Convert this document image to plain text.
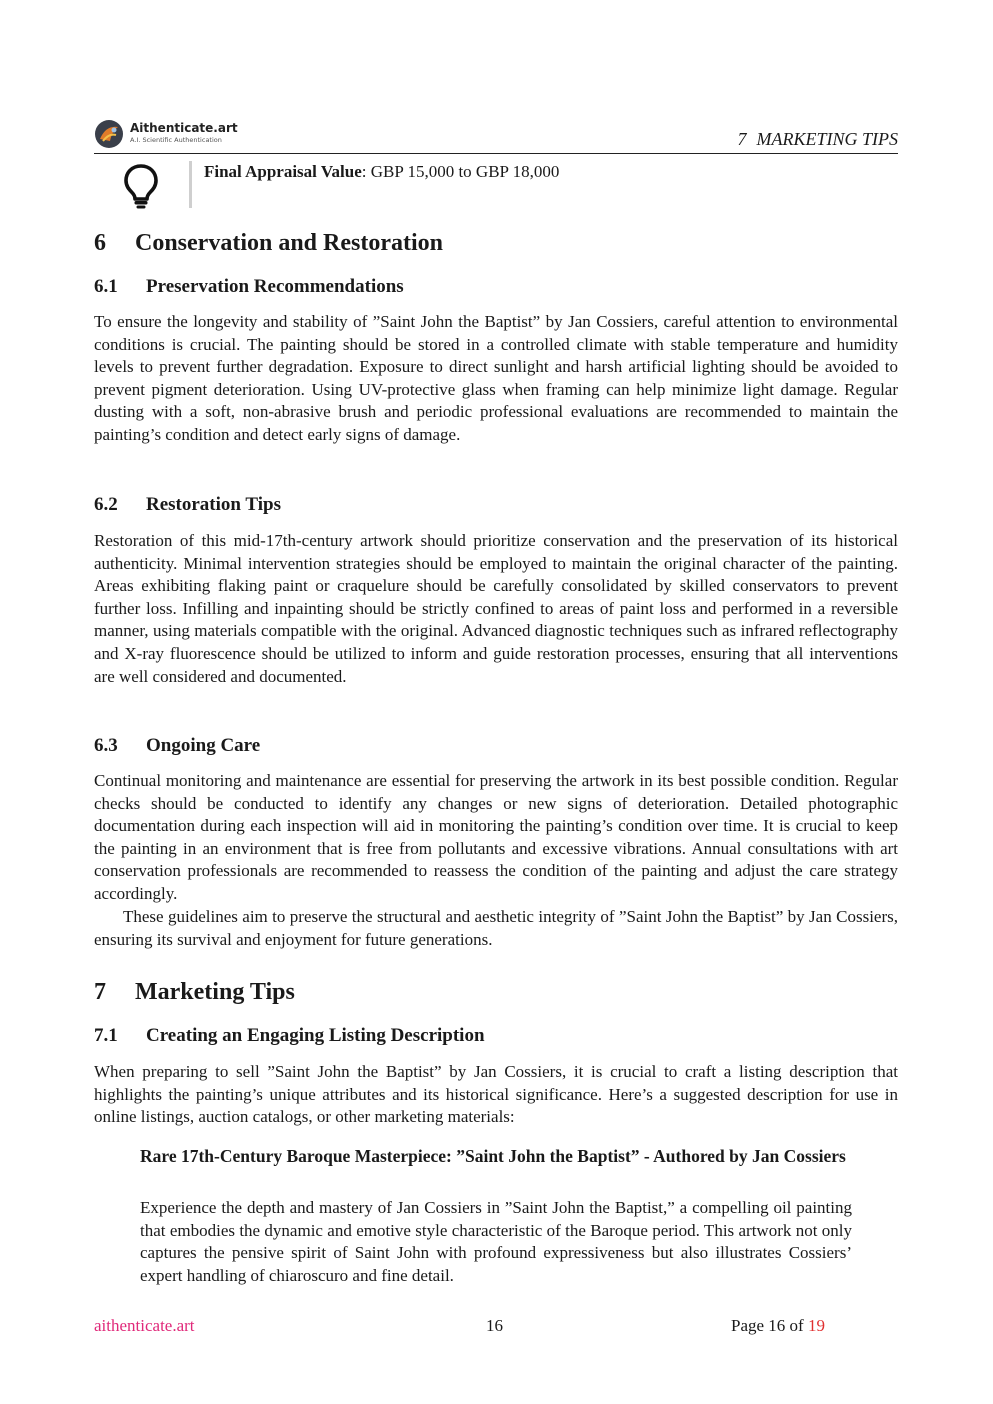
Aithenticate.art
A.I. Scientific Authentication	7 MARKETING TIPS
Final Appraisal Value: GBP 15,000 to GBP 18,000
6 Conservation and Restoration
6.1 Preservation Recommendations

To ensure the longevity and stability of ”Saint John the Baptist” by Jan Cossiers, careful attention to environmental conditions is crucial. The painting should be stored in a controlled climate with stable temperature and humidity levels to prevent further degradation. Exposure to direct sunlight and harsh artificial lighting should be avoided to prevent pigment deterioration. Using UV-protective glass when framing can help minimize light damage. Regular dusting with a soft, non-abrasive brush and periodic professional evaluations are recommended to maintain the painting’s condition and detect early signs of damage.

6.2 Restoration Tips

Restoration of this mid-17th-century artwork should prioritize conservation and the preservation of its historical authenticity. Minimal intervention strategies should be employed to maintain the original character of the painting. Areas exhibiting flaking paint or craquelure should be carefully consolidated by skilled conservators to prevent further loss. Infilling and inpainting should be strictly confined to areas of paint loss and performed in a reversible manner, using materials compatible with the original. Advanced diagnostic techniques such as infrared reflectography and X-ray fluorescence should be utilized to inform and guide restoration processes, ensuring that all interventions are well considered and documented.

6.3 Ongoing Care

Continual monitoring and maintenance are essential for preserving the artwork in its best possible condition. Regular checks should be conducted to identify any changes or new signs of deterioration. Detailed photographic documentation during each inspection will aid in monitoring the painting’s condition over time. It is crucial to keep the painting in an environment that is free from pollutants and excessive vibrations. Annual consultations with art conservation professionals are recommended to reassess the condition of the painting and adjust the care strategy accordingly.

These guidelines aim to preserve the structural and aesthetic integrity of ”Saint John the Baptist” by Jan Cossiers, ensuring its survival and enjoyment for future generations.

7 Marketing Tips
7.1 Creating an Engaging Listing Description

When preparing to sell ”Saint John the Baptist” by Jan Cossiers, it is crucial to craft a listing description that highlights the painting’s unique attributes and its historical significance. Here’s a suggested description for use in online listings, auction catalogs, or other marketing materials:

Rare 17th-Century Baroque Masterpiece: ”Saint John the Baptist” - Authored by Jan Cossiers

Experience the depth and mastery of Jan Cossiers in ”Saint John the Baptist,” a compelling oil painting that embodies the dynamic and emotive style characteristic of the Baroque period. This artwork not only captures the pensive spirit of Saint John with profound expressiveness but also illustrates Cossiers’ expert handling of chiaroscuro and fine detail.

aithenticate.art	16	Page 16 of 19
